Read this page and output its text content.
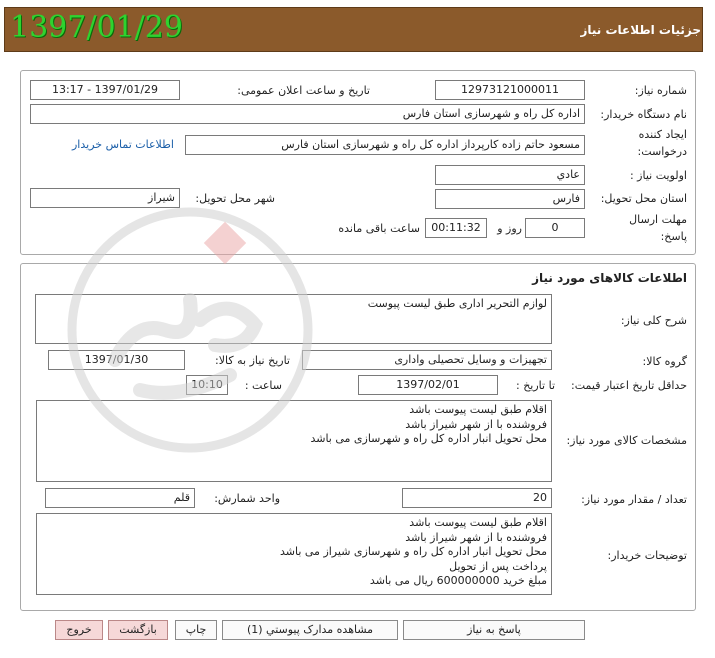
جزئیات اطلاعات نیاز
1397/01/29
شماره نیاز:
12973121000011
تاریخ و ساعت اعلان عمومی:
1397/01/29 - 13:17
نام دستگاه خریدار:
اداره کل راه و شهرسازی استان فارس
ایجاد کننده
درخواست:
مسعود حاتم زاده کارپرداز اداره کل راه و شهرسازی استان فارس
اطلاعات تماس خریدار
اولویت نیاز :
عادي
استان محل تحویل:
فارس
شهر محل تحویل:
شیراز
مهلت ارسال
پاسخ:
0
روز و
00:11:32
ساعت باقی مانده
اطلاعات کالاهای مورد نیاز
شرح کلی نیاز:
لوازم التحریر اداری طبق لیست پیوست
گروه کالا:
تجهیزات و وسایل تحصیلی واداری
تاریخ نیاز به کالا:
1397/01/30
حداقل تاریخ اعتبار قیمت:
تا تاریخ :
1397/02/01
ساعت :
10:10
مشخصات کالای مورد نیاز:
اقلام طبق لیست پیوست باشد
فروشنده با از شهر شیراز باشد
محل تحویل انبار اداره کل راه و شهرسازی می باشد
تعداد / مقدار مورد نیاز:
20
واحد شمارش:
قلم
توضیحات خریدار:
اقلام طبق لیست پیوست باشد
فروشنده با از شهر شیراز باشد
محل تحویل انبار اداره کل راه و شهرسازی شیراز می باشد
پرداخت پس از تحویل
مبلغ خرید 600000000 ریال می باشد
پاسخ به نیاز
مشاهده مدارک پیوستي (1)
چاپ
بازگشت
خروج
